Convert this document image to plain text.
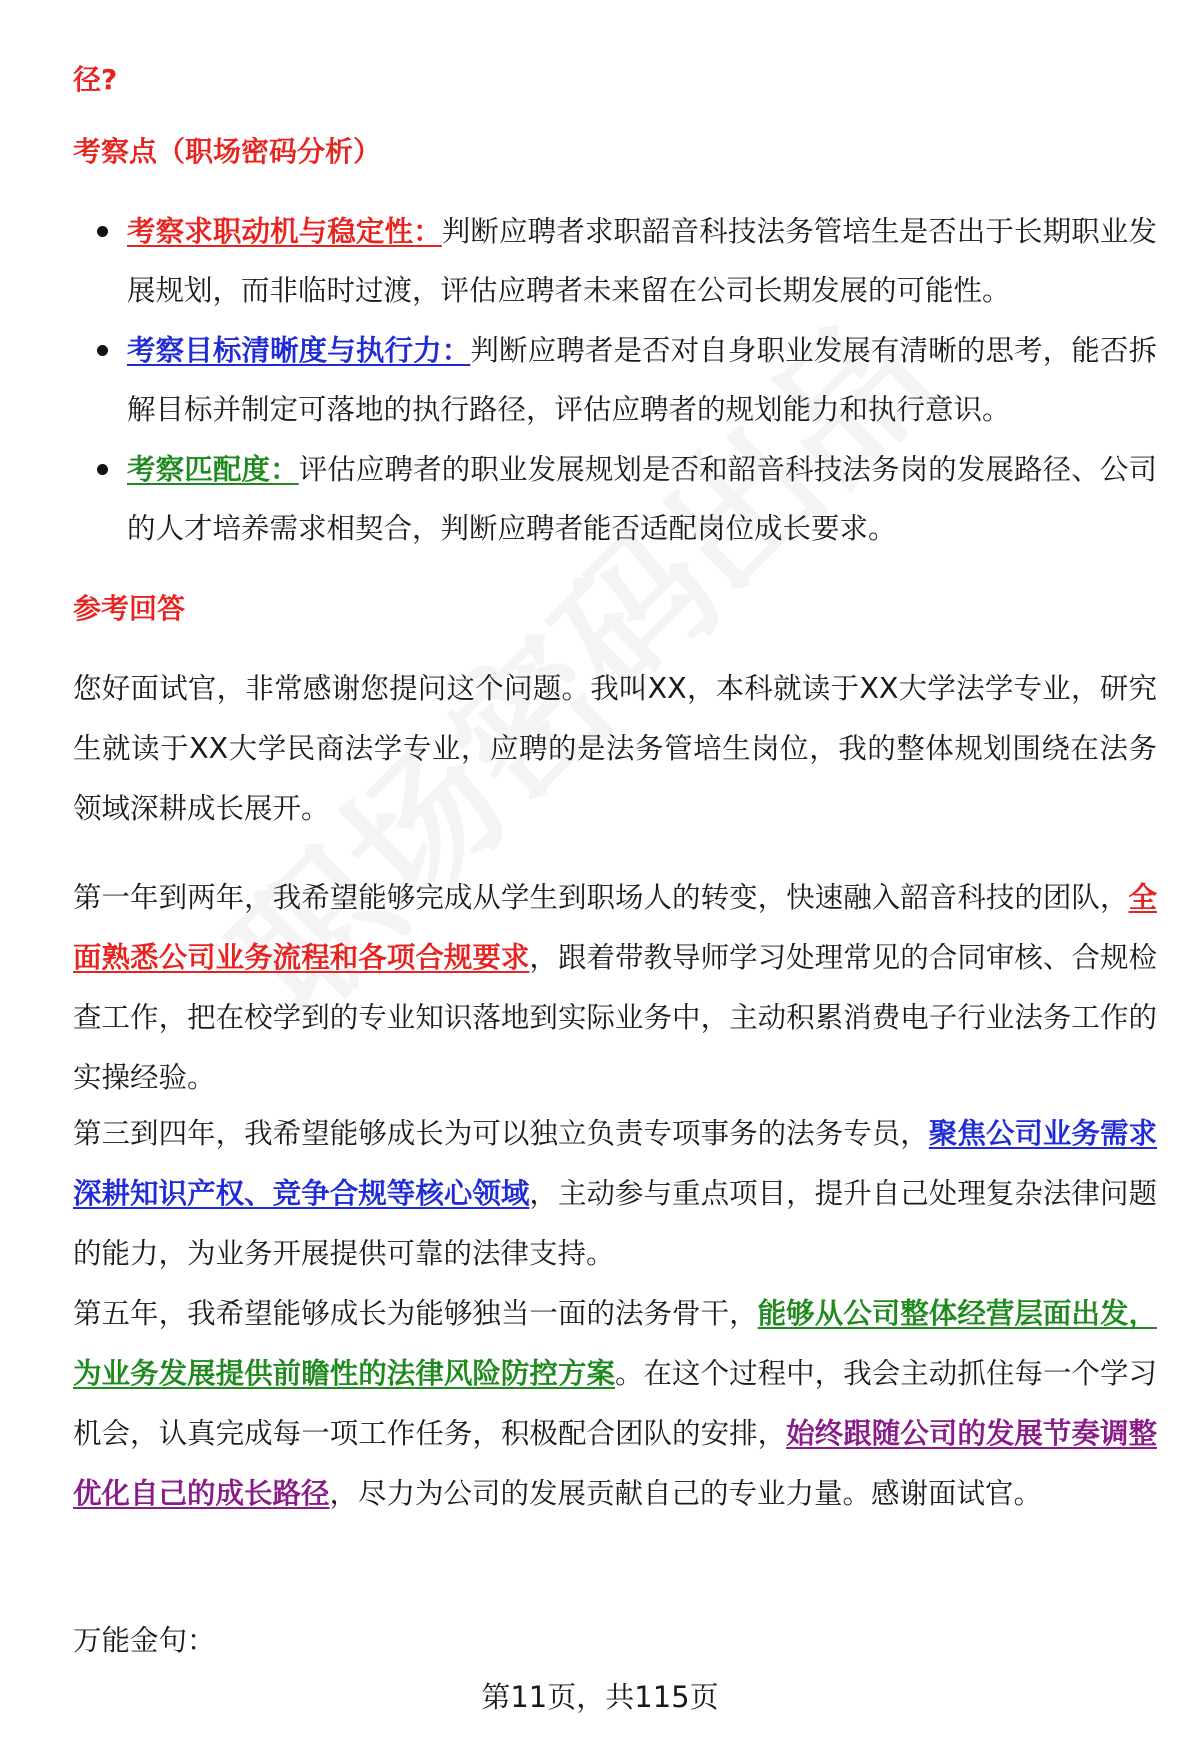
径?
考察点（职场密码分析）
考察求职动机与稳定性：判断应聘者求职韶音科技法务管培生是否出于长期职业发展规划，而非临时过渡，评估应聘者未来留在公司长期发展的可能性。
考察目标清晰度与执行力：判断应聘者是否对自身职业发展有清晰的思考，能否拆解目标并制定可落地的执行路径，评估应聘者的规划能力和执行意识。
考察匹配度：评估应聘者的职业发展规划是否和韶音科技法务岗的发展路径、公司的人才培养需求相契合，判断应聘者能否适配岗位成长要求。
参考回答
您好面试官，非常感谢您提问这个问题。我叫XX，本科就读于XX大学法学专业，研究生就读于XX大学民商法学专业，应聘的是法务管培生岗位，我的整体规划围绕在法务领域深耕成长展开。
第一年到两年，我希望能够完成从学生到职场人的转变，快速融入韶音科技的团队，全面熟悉公司业务流程和各项合规要求，跟着带教导师学习处理常见的合同审核、合规检查工作，把在校学到的专业知识落地到实际业务中，主动积累消费电子行业法务工作的实操经验。
第三到四年，我希望能够成长为可以独立负责专项事务的法务专员，聚焦公司业务需求深耕知识产权、竞争合规等核心领域，主动参与重点项目，提升自己处理复杂法律问题的能力，为业务开展提供可靠的法律支持。
第五年，我希望能够成长为能够独当一面的法务骨干，能够从公司整体经营层面出发，为业务发展提供前瞻性的法律风险防控方案。在这个过程中，我会主动抓住每一个学习机会，认真完成每一项工作任务，积极配合团队的安排，始终跟随公司的发展节奏调整优化自己的成长路径，尽力为公司的发展贡献自己的专业力量。感谢面试官。
万能金句：
第11页，共115页
